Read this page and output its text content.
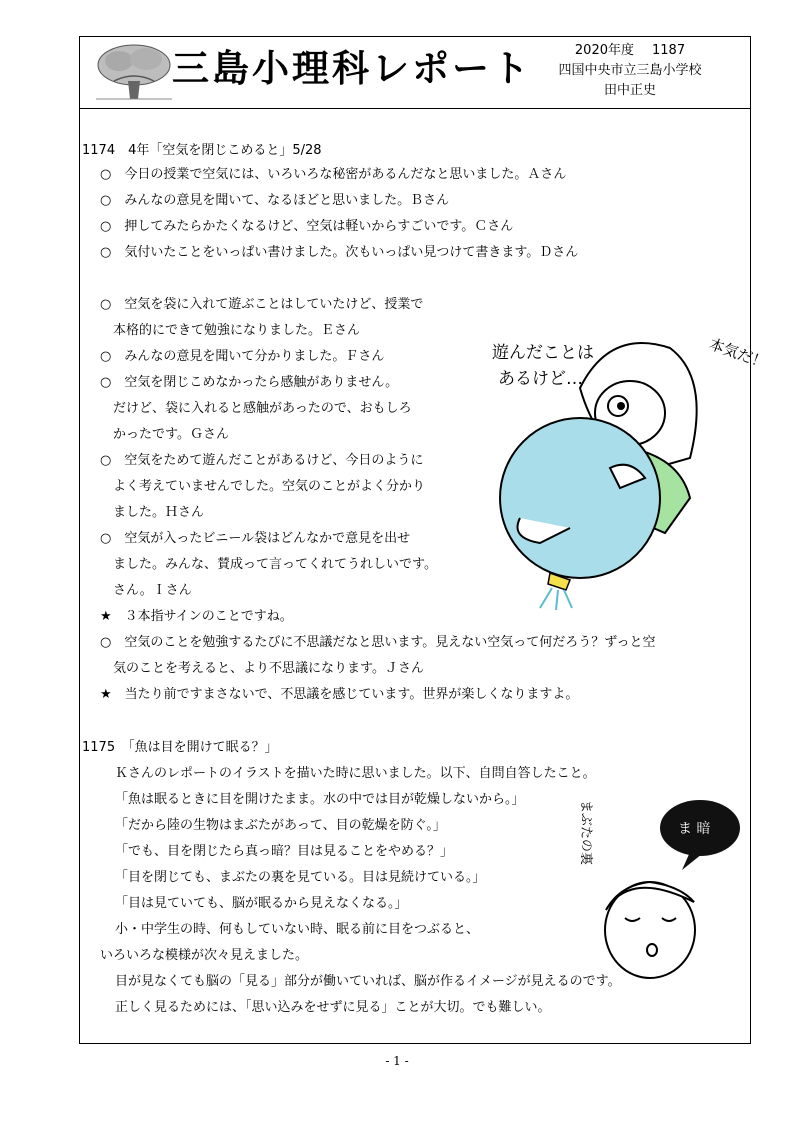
三島小理科レポート	2020年度 1187
四国中央市立三島小学校
田中正史
1174　4年「空気を閉じこめると」5/28
○　今日の授業で空気には、いろいろな秘密があるんだなと思いました。Ａさん
○　みんなの意見を聞いて、なるほどと思いました。Ｂさん
○　押してみたらかたくなるけど、空気は軽いからすごいです。Ｃさん
○　気付いたことをいっぱい書けました。次もいっぱい見つけて書きます。Ｄさん
○　空気を袋に入れて遊ぶことはしていたけど、授業で
本格的にできて勉強になりました。Ｅさん
○　みんなの意見を聞いて分かりました。Ｆさん
○　空気を閉じこめなかったら感触がありません。
だけど、袋に入れると感触があったので、おもしろ
かったです。Ｇさん
○　空気をためて遊んだことがあるけど、今日のように
よく考えていませんでした。空気のことがよく分かり
ました。Ｈさん
○　空気が入ったビニール袋はどんなかで意見を出せ
ました。みんな、賛成って言ってくれてうれしいです。
さん。Ｉさん
★　３本指サインのことですね。
○　空気のことを勉強するたびに不思議だなと思います。見えない空気って何だろう？ずっと空
気のことを考えると、より不思議になります。Ｊさん
★　当たり前ですまさないで、不思議を感じています。世界が楽しくなりますよ。
遊んだことは
あるけど…
本気だ！
1175　「魚は目を開けて眠る？」
Ｋさんのレポートのイラストを描いた時に思いました。以下、自問自答したこと。
「魚は眠るときに目を開けたまま。水の中では目が乾燥しないから。」
「だから陸の生物はまぶたがあって、目の乾燥を防ぐ。」
「でも、目を閉じたら真っ暗？目は見ることをやめる？」
「目を閉じても、まぶたの裏を見ている。目は見続けている。」
「目は見ていても、脳が眠るから見えなくなる。」
小・中学生の時、何もしていない時、眠る前に目をつぶると、
いろいろな模様が次々見えました。
目が見なくても脳の「見る」部分が働いていれば、脳が作るイメージが見えるのです。
正しく見るためには、「思い込みをせずに見る」ことが大切。でも難しい。
まぶたの裏	ま 暗
- 1 -
